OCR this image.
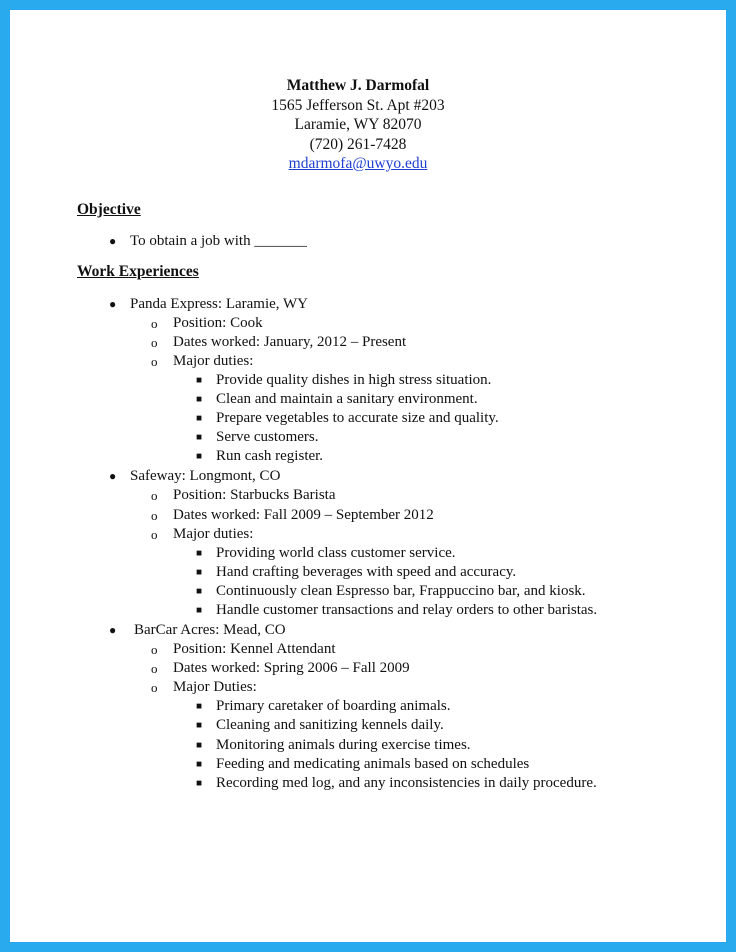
Matthew J. Darmofal
1565 Jefferson St. Apt #203
Laramie, WY 82070
(720) 261-7428
mdarmofa@uwyo.edu
Objective
● To obtain a job with _______
Work Experiences
● Panda Express: Laramie, WY
o Position: Cook
o Dates worked: January, 2012 – Present
o Major duties:
■ Provide quality dishes in high stress situation.
■ Clean and maintain a sanitary environment.
■ Prepare vegetables to accurate size and quality.
■ Serve customers.
■ Run cash register.
● Safeway: Longmont, CO
o Position: Starbucks Barista
o Dates worked: Fall 2009 – September 2012
o Major duties:
■ Providing world class customer service.
■ Hand crafting beverages with speed and accuracy.
■ Continuously clean Espresso bar, Frappuccino bar, and kiosk.
■ Handle customer transactions and relay orders to other baristas.
● BarCar Acres: Mead, CO
o Position: Kennel Attendant
o Dates worked: Spring 2006 – Fall 2009
o Major Duties:
■ Primary caretaker of boarding animals.
■ Cleaning and sanitizing kennels daily.
■ Monitoring animals during exercise times.
■ Feeding and medicating animals based on schedules
■ Recording med log, and any inconsistencies in daily procedure.
